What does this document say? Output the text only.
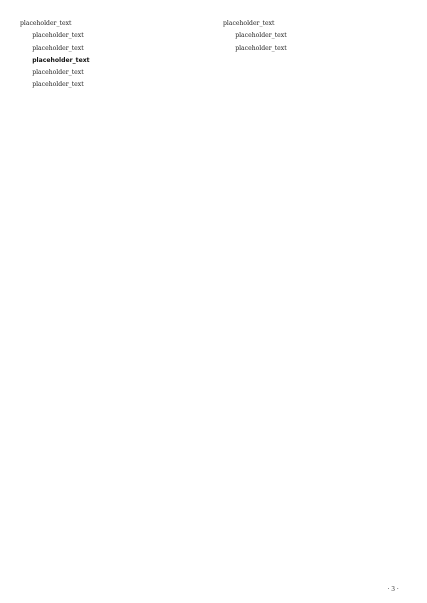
placeholder_text

placeholder_text

placeholder_text

placeholder_text

placeholder_text

placeholder_text

placeholder_text

placeholder_text

placeholder_text

· 3 ·
